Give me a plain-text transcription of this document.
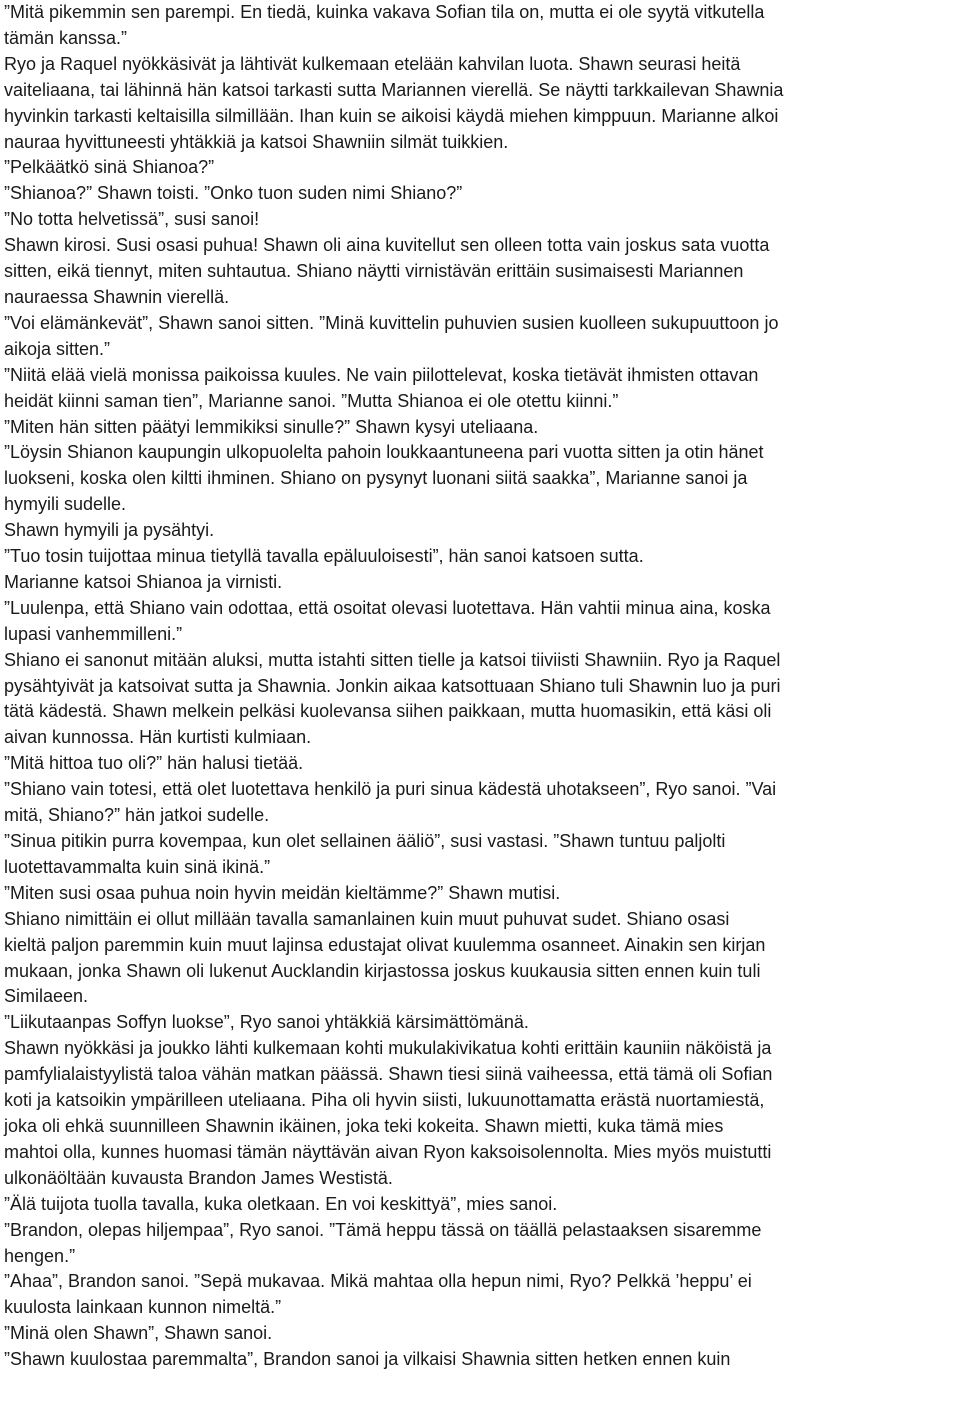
”Mitä pikemmin sen parempi. En tiedä, kuinka vakava Sofian tila on, mutta ei ole syytä vitkutella

tämän kanssa.”

Ryo ja Raquel nyökkäsivät ja lähtivät kulkemaan etelään kahvilan luota. Shawn seurasi heitä

vaiteliaana, tai lähinnä hän katsoi tarkasti sutta Mariannen vierellä. Se näytti tarkkailevan Shawnia

hyvinkin tarkasti keltaisilla silmillään. Ihan kuin se aikoisi käydä miehen kimppuun. Marianne alkoi

nauraa hyvittuneesti yhtäkkiä ja katsoi Shawniin silmät tuikkien.

”Pelkäätkö sinä Shianoa?”

”Shianoa?” Shawn toisti. ”Onko tuon suden nimi Shiano?”

”No totta helvetissä”, susi sanoi!

Shawn kirosi. Susi osasi puhua! Shawn oli aina kuvitellut sen olleen totta vain joskus sata vuotta

sitten, eikä tiennyt, miten suhtautua. Shiano näytti virnistävän erittäin susimaisesti Mariannen

nauraessa Shawnin vierellä.

”Voi elämänkevät”, Shawn sanoi sitten. ”Minä kuvittelin puhuvien susien kuolleen sukupuuttoon jo

aikoja sitten.”

”Niitä elää vielä monissa paikoissa kuules. Ne vain piilottelevat, koska tietävät ihmisten ottavan

heidät kiinni saman tien”, Marianne sanoi. ”Mutta Shianoa ei ole otettu kiinni.”

”Miten hän sitten päätyi lemmikiksi sinulle?” Shawn kysyi uteliaana.

”Löysin Shianon kaupungin ulkopuolelta pahoin loukkaantuneena pari vuotta sitten ja otin hänet

luokseni, koska olen kiltti ihminen. Shiano on pysynyt luonani siitä saakka”, Marianne sanoi ja

hymyili sudelle.

Shawn hymyili ja pysähtyi.

”Tuo tosin tuijottaa minua tietyllä tavalla epäluuloisesti”, hän sanoi katsoen sutta.

Marianne katsoi Shianoa ja virnisti.

”Luulenpa, että Shiano vain odottaa, että osoitat olevasi luotettava. Hän vahtii minua aina, koska

lupasi vanhemmilleni.”

Shiano ei sanonut mitään aluksi, mutta istahti sitten tielle ja katsoi tiiviisti Shawniin. Ryo ja Raquel

pysähtyivät ja katsoivat sutta ja Shawnia. Jonkin aikaa katsottuaan Shiano tuli Shawnin luo ja puri

tätä kädestä. Shawn melkein pelkäsi kuolevansa siihen paikkaan, mutta huomasikin, että käsi oli

aivan kunnossa. Hän kurtisti kulmiaan.

”Mitä hittoa tuo oli?” hän halusi tietää.

”Shiano vain totesi, että olet luotettava henkilö ja puri sinua kädestä uhotakseen”, Ryo sanoi. ”Vai

mitä, Shiano?” hän jatkoi sudelle.

”Sinua pitikin purra kovempaa, kun olet sellainen ääliö”, susi vastasi. ”Shawn tuntuu paljolti

luotettavammalta kuin sinä ikinä.”

”Miten susi osaa puhua noin hyvin meidän kieltämme?” Shawn mutisi.

Shiano nimittäin ei ollut millään tavalla samanlainen kuin muut puhuvat sudet. Shiano osasi

kieltä paljon paremmin kuin muut lajinsa edustajat olivat kuulemma osanneet. Ainakin sen kirjan

mukaan, jonka Shawn oli lukenut Aucklandin kirjastossa joskus kuukausia sitten ennen kuin tuli

Similaeen.

”Liikutaanpas Soffyn luokse”, Ryo sanoi yhtäkkiä kärsimättömänä.

Shawn nyökkäsi ja joukko lähti kulkemaan kohti mukulakivikatua kohti erittäin kauniin näköistä ja

pamfylialaistyylistä taloa vähän matkan päässä. Shawn tiesi siinä vaiheessa, että tämä oli Sofian

koti ja katsoikin ympärilleen uteliaana. Piha oli hyvin siisti, lukuunottamatta erästä nuortamiestä,

joka oli ehkä suunnilleen Shawnin ikäinen, joka teki kokeita. Shawn mietti, kuka tämä mies

mahtoi olla, kunnes huomasi tämän näyttävän aivan Ryon kaksoisolennolta. Mies myös muistutti

ulkonäöltään kuvausta Brandon James Westistä.

”Älä tuijota tuolla tavalla, kuka oletkaan. En voi keskittyä”, mies sanoi.

”Brandon, olepas hiljempaa”, Ryo sanoi. ”Tämä heppu tässä on täällä pelastaaksen sisaremme

hengen.”

”Ahaa”, Brandon sanoi. ”Sepä mukavaa. Mikä mahtaa olla hepun nimi, Ryo? Pelkkä ’heppu’ ei

kuulosta lainkaan kunnon nimeltä.”

”Minä olen Shawn”, Shawn sanoi.

”Shawn kuulostaa paremmalta”, Brandon sanoi ja vilkaisi Shawnia sitten hetken ennen kuin
